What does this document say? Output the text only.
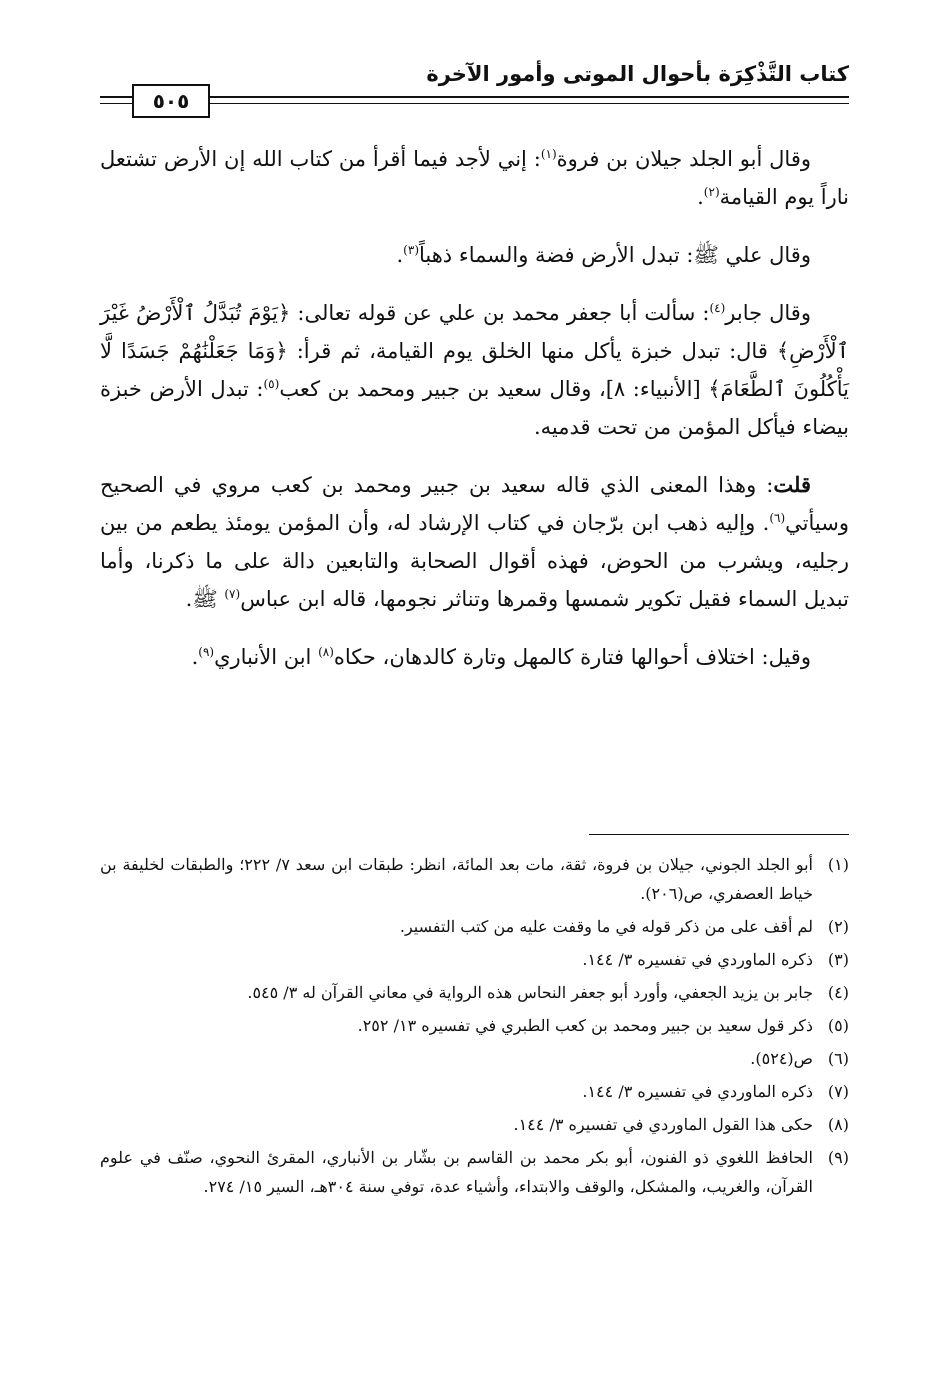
كتاب التَّذْكِرَة بأحوال الموتى وأمور الآخرة
٥٠٥

وقال أبو الجلد جيلان بن فروة$^{(١)}$: إني لأجد فيما أقرأ من كتاب الله إن الأرض تشتعل ناراً يوم القيامة$^{(٢)}$.

وقال علي ﷺ: تبدل الأرض فضة والسماء ذهباً$^{(٣)}$.

وقال جابر$^{(٤)}$: سألت أبا جعفر محمد بن علي عن قوله تعالى: ﴿يَوْمَ تُبَدَّلُ ٱلْأَرْضُ غَيْرَ ٱلْأَرْضِ﴾ قال: تبدل خبزة يأكل منها الخلق يوم القيامة، ثم قرأ: ﴿وَمَا جَعَلْنَٰهُمْ جَسَدًا لَّا يَأْكُلُونَ ٱلطَّعَامَ﴾ [الأنبياء: ٨]، وقال سعيد بن جبير ومحمد بن كعب$^{(٥)}$: تبدل الأرض خبزة بيضاء فيأكل المؤمن من تحت قدميه.

قلت: وهذا المعنى الذي قاله سعيد بن جبير ومحمد بن كعب مروي في الصحيح وسيأتي$^{(٦)}$. وإليه ذهب ابن برّجان في كتاب الإرشاد له، وأن المؤمن يومئذ يطعم من بين رجليه، ويشرب من الحوض، فهذه أقوال الصحابة والتابعين دالة على ما ذكرنا، وأما تبديل السماء فقيل تكوير شمسها وقمرها وتناثر نجومها، قاله ابن عباس$^{(٧)}$ ﷺ.

وقيل: اختلاف أحوالها فتارة كالمهل وتارة كالدهان، حكاه$^{(٨)}$ ابن الأنباري$^{(٩)}$.

(١)
أبو الجلد الجوني، جيلان بن فروة، ثقة، مات بعد المائة، انظر: طبقات ابن سعد ٧/ ٢٢٢؛ والطبقات لخليفة بن خياط العصفري، ص(٢٠٦).
(٢)
لم أقف على من ذكر قوله في ما وقفت عليه من كتب التفسير.
(٣)
ذكره الماوردي في تفسيره ٣/ ١٤٤.
(٤)
جابر بن يزيد الجعفي، وأورد أبو جعفر النحاس هذه الرواية في معاني القرآن له ٣/ ٥٤٥.
(٥)
ذكر قول سعيد بن جبير ومحمد بن كعب الطبري في تفسيره ١٣/ ٢٥٢.
(٦)
ص(٥٢٤).
(٧)
ذكره الماوردي في تفسيره ٣/ ١٤٤.
(٨)
حكى هذا القول الماوردي في تفسيره ٣/ ١٤٤.
(٩)
الحافظ اللغوي ذو الفنون، أبو بكر محمد بن القاسم بن بشّار بن الأنباري، المقرئ النحوي، صنّف في علوم القرآن، والغريب، والمشكل، والوقف والابتداء، وأشياء عدة، توفي سنة ٣٠٤هـ، السير ١٥/ ٢٧٤.
